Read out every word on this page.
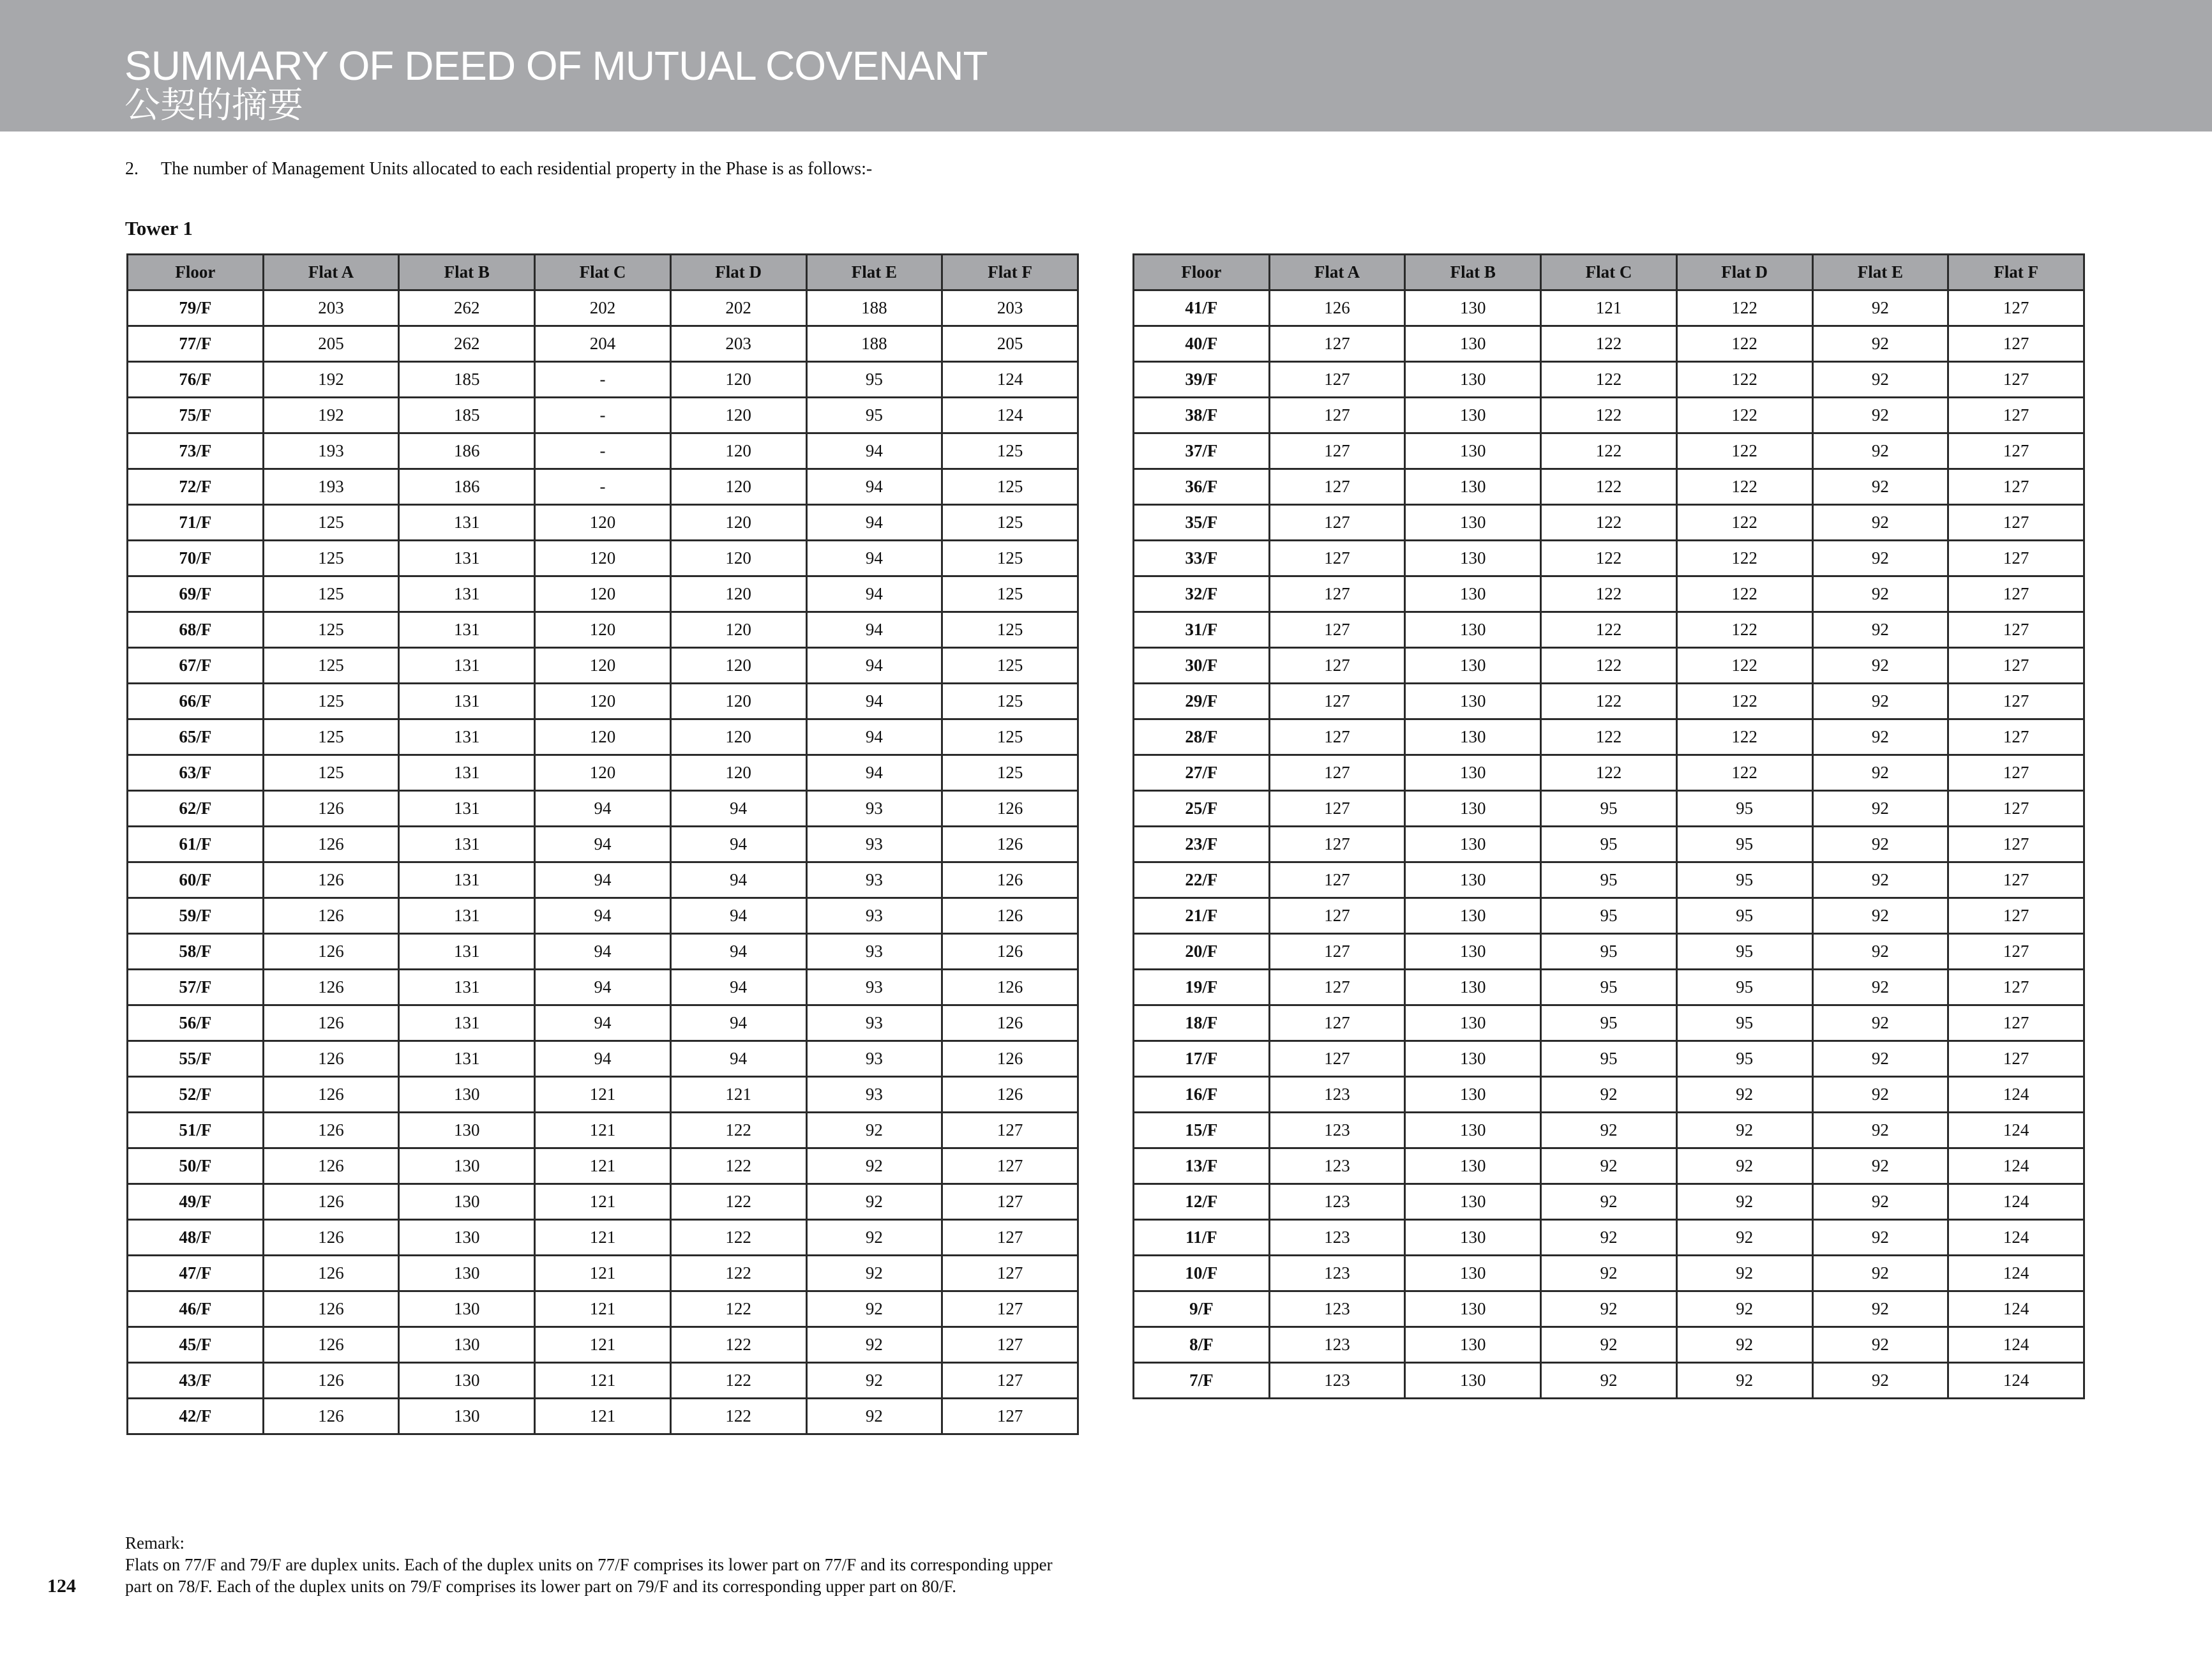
SUMMARY OF DEED OF MUTUAL COVENANT
公契的摘要
2. The number of Management Units allocated to each residential property in the Phase is as follows:-
Tower 1
Floor	Flat A	Flat B	Flat C	Flat D	Flat E	Flat F
79/F	203	262	202	202	188	203
77/F	205	262	204	203	188	205
76/F	192	185	-	120	95	124
75/F	192	185	-	120	95	124
73/F	193	186	-	120	94	125
72/F	193	186	-	120	94	125
71/F	125	131	120	120	94	125
70/F	125	131	120	120	94	125
69/F	125	131	120	120	94	125
68/F	125	131	120	120	94	125
67/F	125	131	120	120	94	125
66/F	125	131	120	120	94	125
65/F	125	131	120	120	94	125
63/F	125	131	120	120	94	125
62/F	126	131	94	94	93	126
61/F	126	131	94	94	93	126
60/F	126	131	94	94	93	126
59/F	126	131	94	94	93	126
58/F	126	131	94	94	93	126
57/F	126	131	94	94	93	126
56/F	126	131	94	94	93	126
55/F	126	131	94	94	93	126
52/F	126	130	121	121	93	126
51/F	126	130	121	122	92	127
50/F	126	130	121	122	92	127
49/F	126	130	121	122	92	127
48/F	126	130	121	122	92	127
47/F	126	130	121	122	92	127
46/F	126	130	121	122	92	127
45/F	126	130	121	122	92	127
43/F	126	130	121	122	92	127
42/F	126	130	121	122	92	127
Floor	Flat A	Flat B	Flat C	Flat D	Flat E	Flat F
41/F	126	130	121	122	92	127
40/F	127	130	122	122	92	127
39/F	127	130	122	122	92	127
38/F	127	130	122	122	92	127
37/F	127	130	122	122	92	127
36/F	127	130	122	122	92	127
35/F	127	130	122	122	92	127
33/F	127	130	122	122	92	127
32/F	127	130	122	122	92	127
31/F	127	130	122	122	92	127
30/F	127	130	122	122	92	127
29/F	127	130	122	122	92	127
28/F	127	130	122	122	92	127
27/F	127	130	122	122	92	127
25/F	127	130	95	95	92	127
23/F	127	130	95	95	92	127
22/F	127	130	95	95	92	127
21/F	127	130	95	95	92	127
20/F	127	130	95	95	92	127
19/F	127	130	95	95	92	127
18/F	127	130	95	95	92	127
17/F	127	130	95	95	92	127
16/F	123	130	92	92	92	124
15/F	123	130	92	92	92	124
13/F	123	130	92	92	92	124
12/F	123	130	92	92	92	124
11/F	123	130	92	92	92	124
10/F	123	130	92	92	92	124
9/F	123	130	92	92	92	124
8/F	123	130	92	92	92	124
7/F	123	130	92	92	92	124
Remark:
Flats on 77/F and 79/F are duplex units. Each of the duplex units on 77/F comprises its lower part on 77/F and its corresponding upper
part on 78/F. Each of the duplex units on 79/F comprises its lower part on 79/F and its corresponding upper part on 80/F.
124
